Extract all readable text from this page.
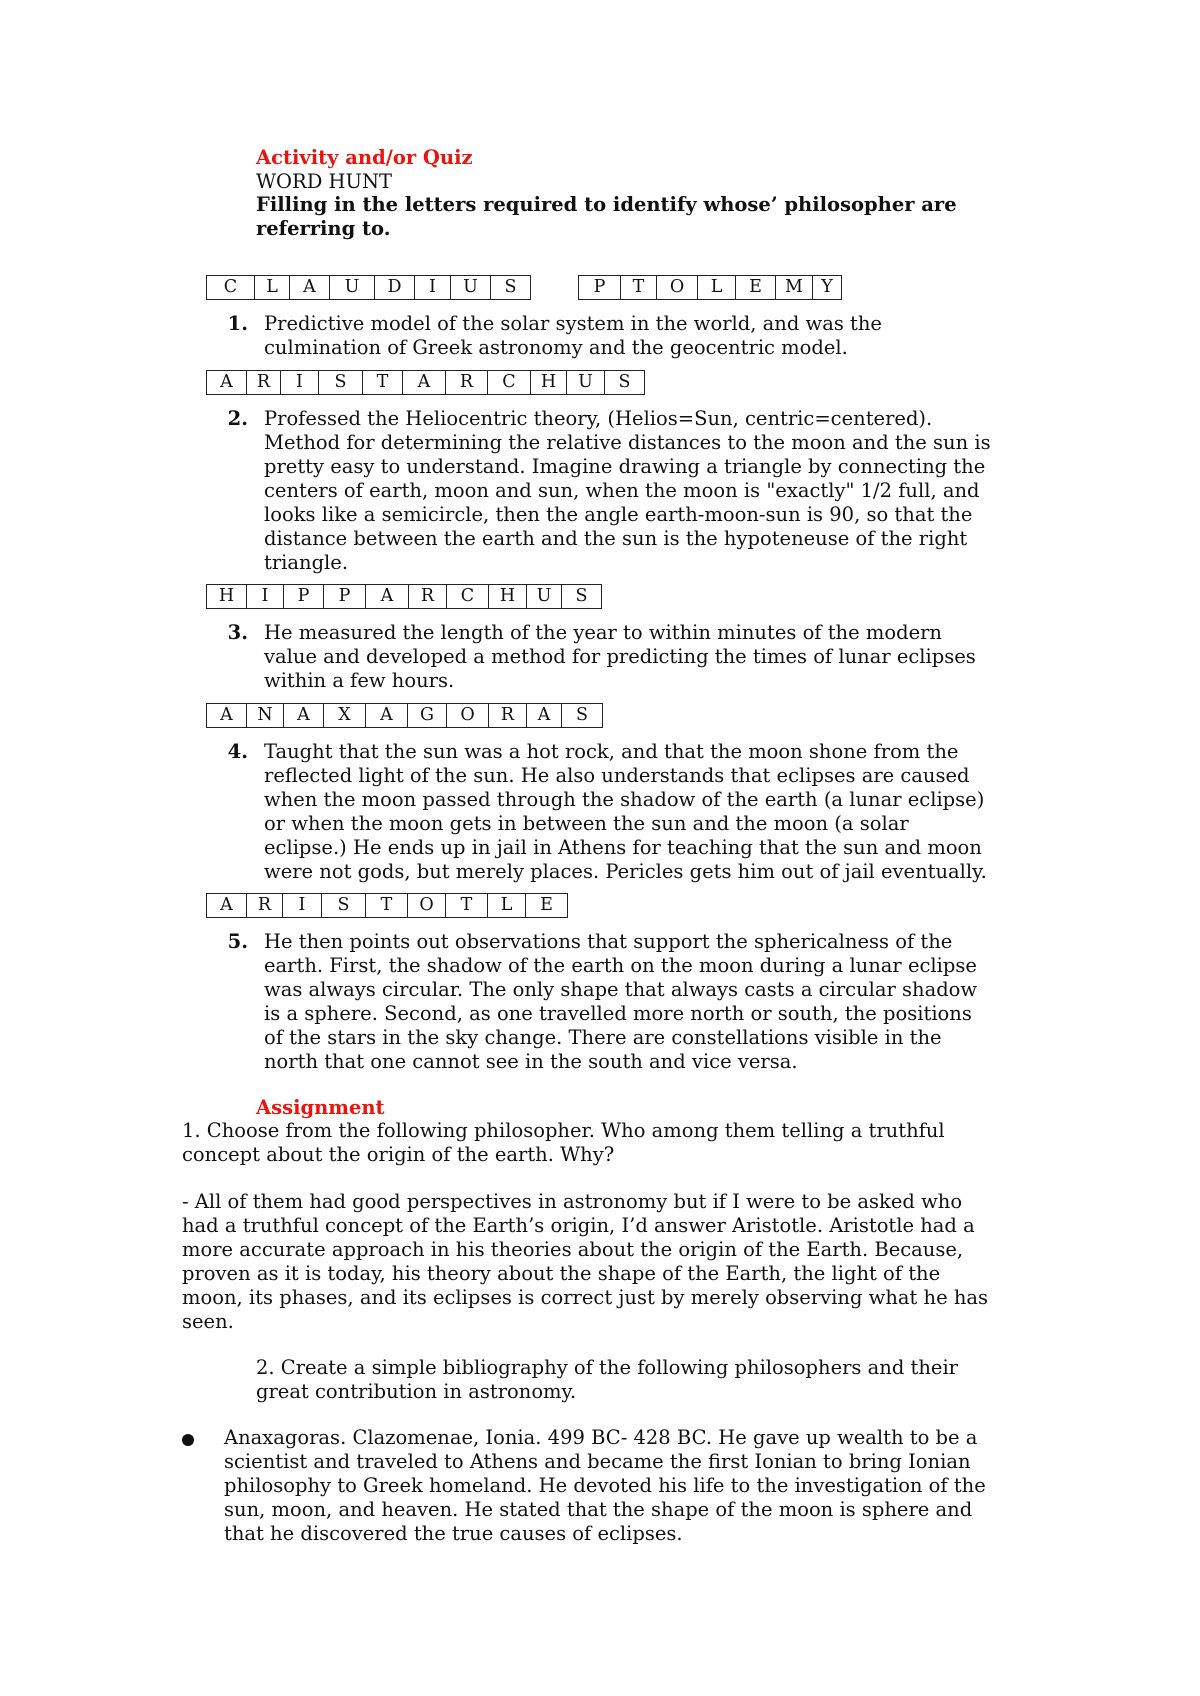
Activity and/or Quiz
WORD HUNT
Filling in the letters required to identify whose’ philosopher are
referring to.
C	L	A	U	D	I	U	S	P	T	O	L	E	M	Y
1. Predictive model of the solar system in the world, and was the
culmination of Greek astronomy and the geocentric model.
A	R	I	S	T	A	R	C	H	U	S
2. Professed the Heliocentric theory, (Helios=Sun, centric=centered).
Method for determining the relative distances to the moon and the sun is
pretty easy to understand. Imagine drawing a triangle by connecting the
centers of earth, moon and sun, when the moon is "exactly" 1/2 full, and
looks like a semicircle, then the angle earth-moon-sun is 90, so that the
distance between the earth and the sun is the hypoteneuse of the right
triangle.
H	I	P	P	A	R	C	H	U	S
3. He measured the length of the year to within minutes of the modern
value and developed a method for predicting the times of lunar eclipses
within a few hours.
A	N	A	X	A	G	O	R	A	S
4. Taught that the sun was a hot rock, and that the moon shone from the
reflected light of the sun. He also understands that eclipses are caused
when the moon passed through the shadow of the earth (a lunar eclipse)
or when the moon gets in between the sun and the moon (a solar
eclipse.) He ends up in jail in Athens for teaching that the sun and moon
were not gods, but merely places. Pericles gets him out of jail eventually.
A	R	I	S	T	O	T	L	E
5. He then points out observations that support the sphericalness of the
earth. First, the shadow of the earth on the moon during a lunar eclipse
was always circular. The only shape that always casts a circular shadow
is a sphere. Second, as one travelled more north or south, the positions
of the stars in the sky change. There are constellations visible in the
north that one cannot see in the south and vice versa.
Assignment
1. Choose from the following philosopher. Who among them telling a truthful
concept about the origin of the earth. Why?
- All of them had good perspectives in astronomy but if I were to be asked who
had a truthful concept of the Earth’s origin, I’d answer Aristotle. Aristotle had a
more accurate approach in his theories about the origin of the Earth. Because,
proven as it is today, his theory about the shape of the Earth, the light of the
moon, its phases, and its eclipses is correct just by merely observing what he has
seen.
2. Create a simple bibliography of the following philosophers and their
great contribution in astronomy.
Anaxagoras. Clazomenae, Ionia. 499 BC- 428 BC. He gave up wealth to be a
scientist and traveled to Athens and became the first Ionian to bring Ionian
philosophy to Greek homeland. He devoted his life to the investigation of the
sun, moon, and heaven. He stated that the shape of the moon is sphere and
that he discovered the true causes of eclipses.
